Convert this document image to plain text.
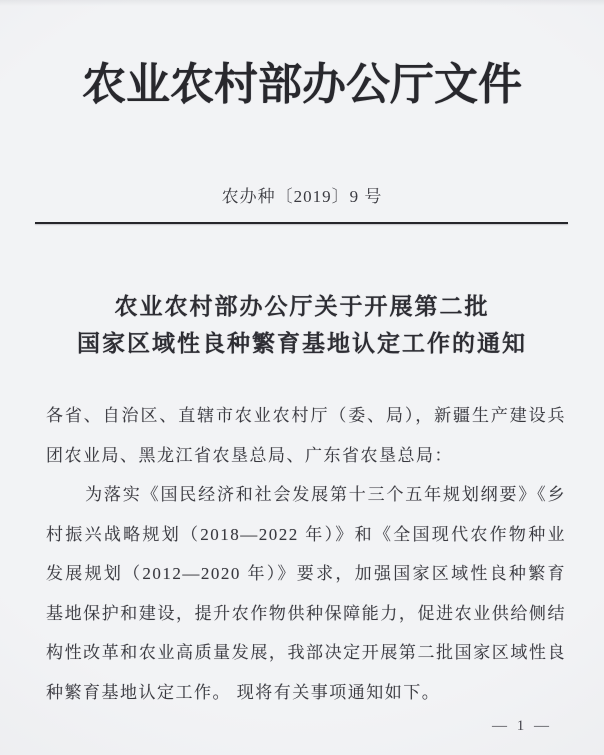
农业农村部办公厅文件
农办种〔2019〕9 号
农业农村部办公厅关于开展第二批
国家区域性良种繁育基地认定工作的通知

各省、自治区、直辖市农业农村厅（委、局），新疆生产建设兵团农业局、黑龙江省农垦总局、广东省农垦总局：

为落实《国民经济和社会发展第十三个五年规划纲要》《乡村振兴战略规划（2018—2022 年）》和《全国现代农作物种业发展规划（2012—2020 年）》要求，加强国家区域性良种繁育基地保护和建设，提升农作物供种保障能力，促进农业供给侧结构性改革和农业高质量发展，我部决定开展第二批国家区域性良种繁育基地认定工作。 现将有关事项通知如下。

— 1 —
